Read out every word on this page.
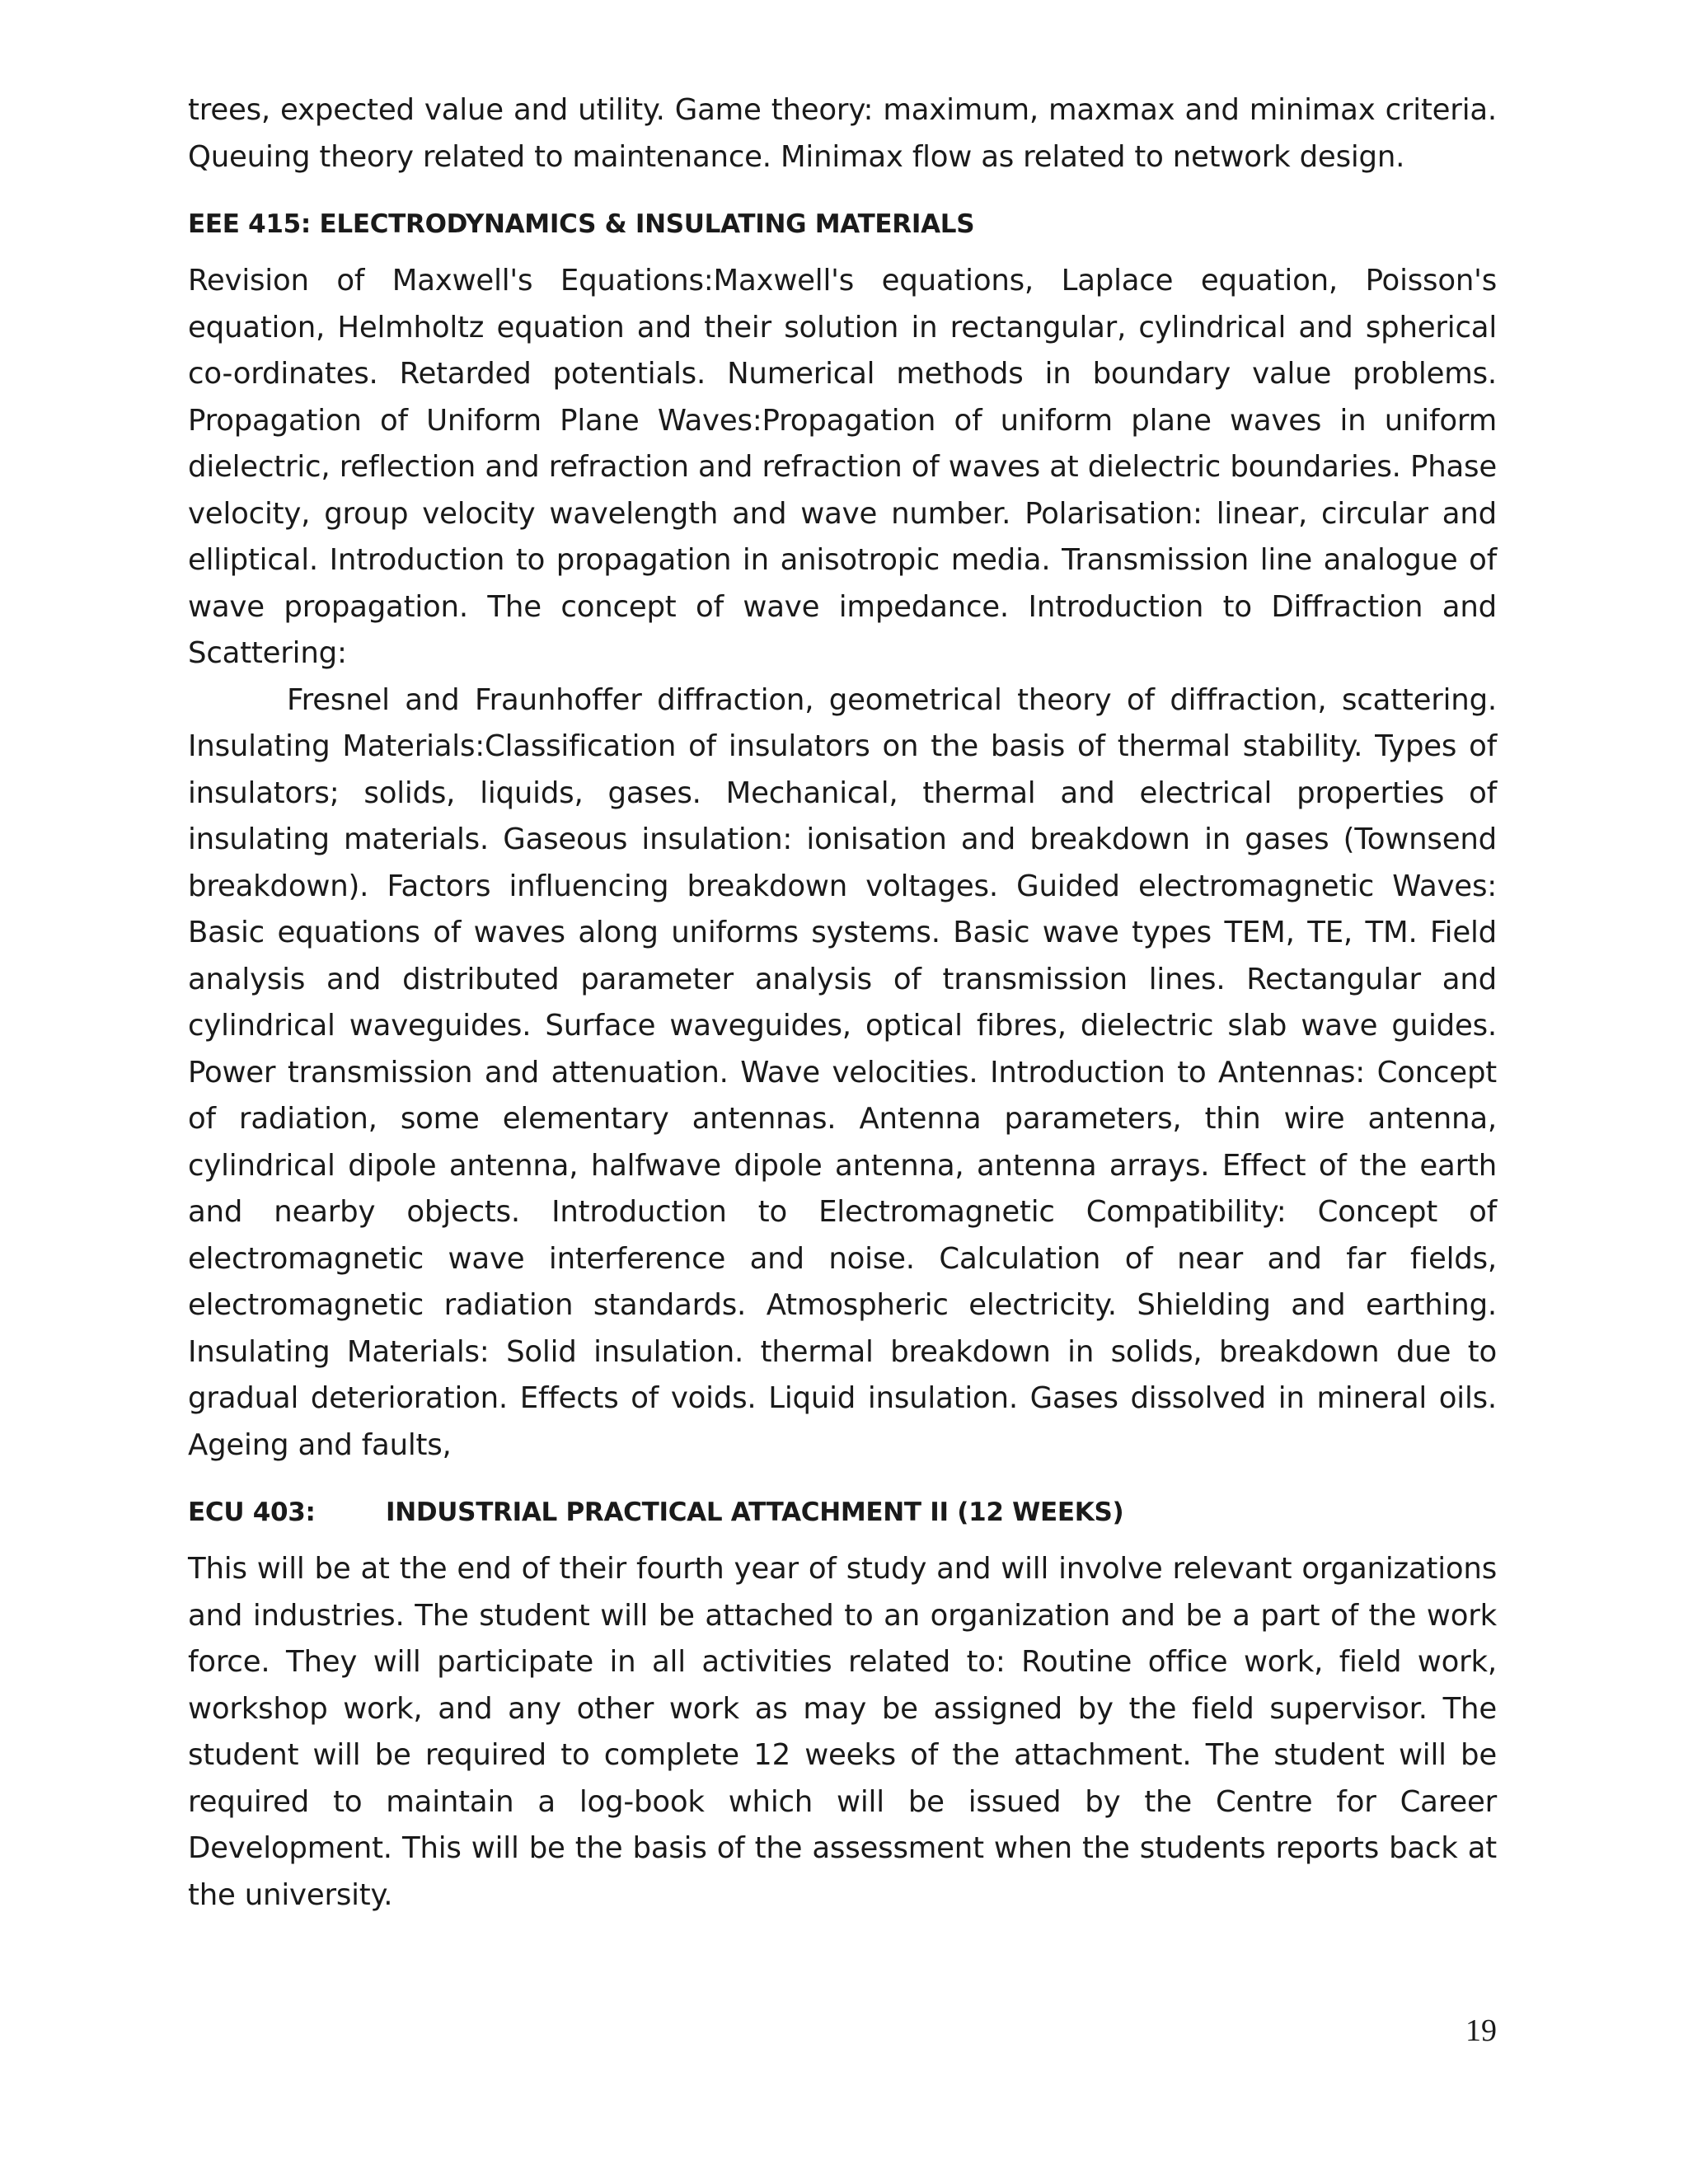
trees, expected value and utility. Game theory: maximum, maxmax and minimax criteria. Queuing theory related to maintenance. Minimax flow as related to network design.

EEE 415: ELECTRODYNAMICS & INSULATING MATERIALS

Revision of Maxwell's Equations:Maxwell's equations, Laplace equation, Poisson's equation, Helmholtz equation and their solution in rectangular, cylindrical and spherical co-ordinates. Retarded potentials. Numerical methods in boundary value problems. Propagation of Uniform Plane Waves:Propagation of uniform plane waves in uniform dielectric, reflection and refraction and refraction of waves at dielectric boundaries. Phase velocity, group velocity wavelength and wave number. Polarisation: linear, circular and elliptical. Introduction to propagation in anisotropic media. Transmission line analogue of wave propagation. The concept of wave impedance. Introduction to Diffraction and Scattering:

Fresnel and Fraunhoffer diffraction, geometrical theory of diffraction, scattering. Insulating Materials:Classification of insulators on the basis of thermal stability. Types of insulators; solids, liquids, gases. Mechanical, thermal and electrical properties of insulating materials. Gaseous insulation: ionisation and breakdown in gases (Townsend breakdown). Factors influencing breakdown voltages. Guided electromagnetic Waves: Basic equations of waves along uniforms systems. Basic wave types TEM, TE, TM. Field analysis and distributed parameter analysis of transmission lines. Rectangular and cylindrical waveguides. Surface waveguides, optical fibres, dielectric slab wave guides. Power transmission and attenuation. Wave velocities. Introduction to Antennas: Concept of radiation, some elementary antennas. Antenna parameters, thin wire antenna, cylindrical dipole antenna, halfwave dipole antenna, antenna arrays. Effect of the earth and nearby objects. Introduction to Electromagnetic Compatibility: Concept of electromagnetic wave interference and noise. Calculation of near and far fields, electromagnetic radiation standards. Atmospheric electricity. Shielding and earthing. Insulating Materials: Solid insulation. thermal breakdown in solids, breakdown due to gradual deterioration. Effects of voids. Liquid insulation. Gases dissolved in mineral oils. Ageing and faults,

ECU 403:	INDUSTRIAL PRACTICAL ATTACHMENT II (12 WEEKS)

This will be at the end of their fourth year of study and will involve relevant organizations and industries. The student will be attached to an organization and be a part of the work force. They will participate in all activities related to: Routine office work, field work, workshop work, and any other work as may be assigned by the field supervisor. The student will be required to complete 12 weeks of the attachment. The student will be required to maintain a log-book which will be issued by the Centre for Career Development. This will be the basis of the assessment when the students reports back at the university.

19
